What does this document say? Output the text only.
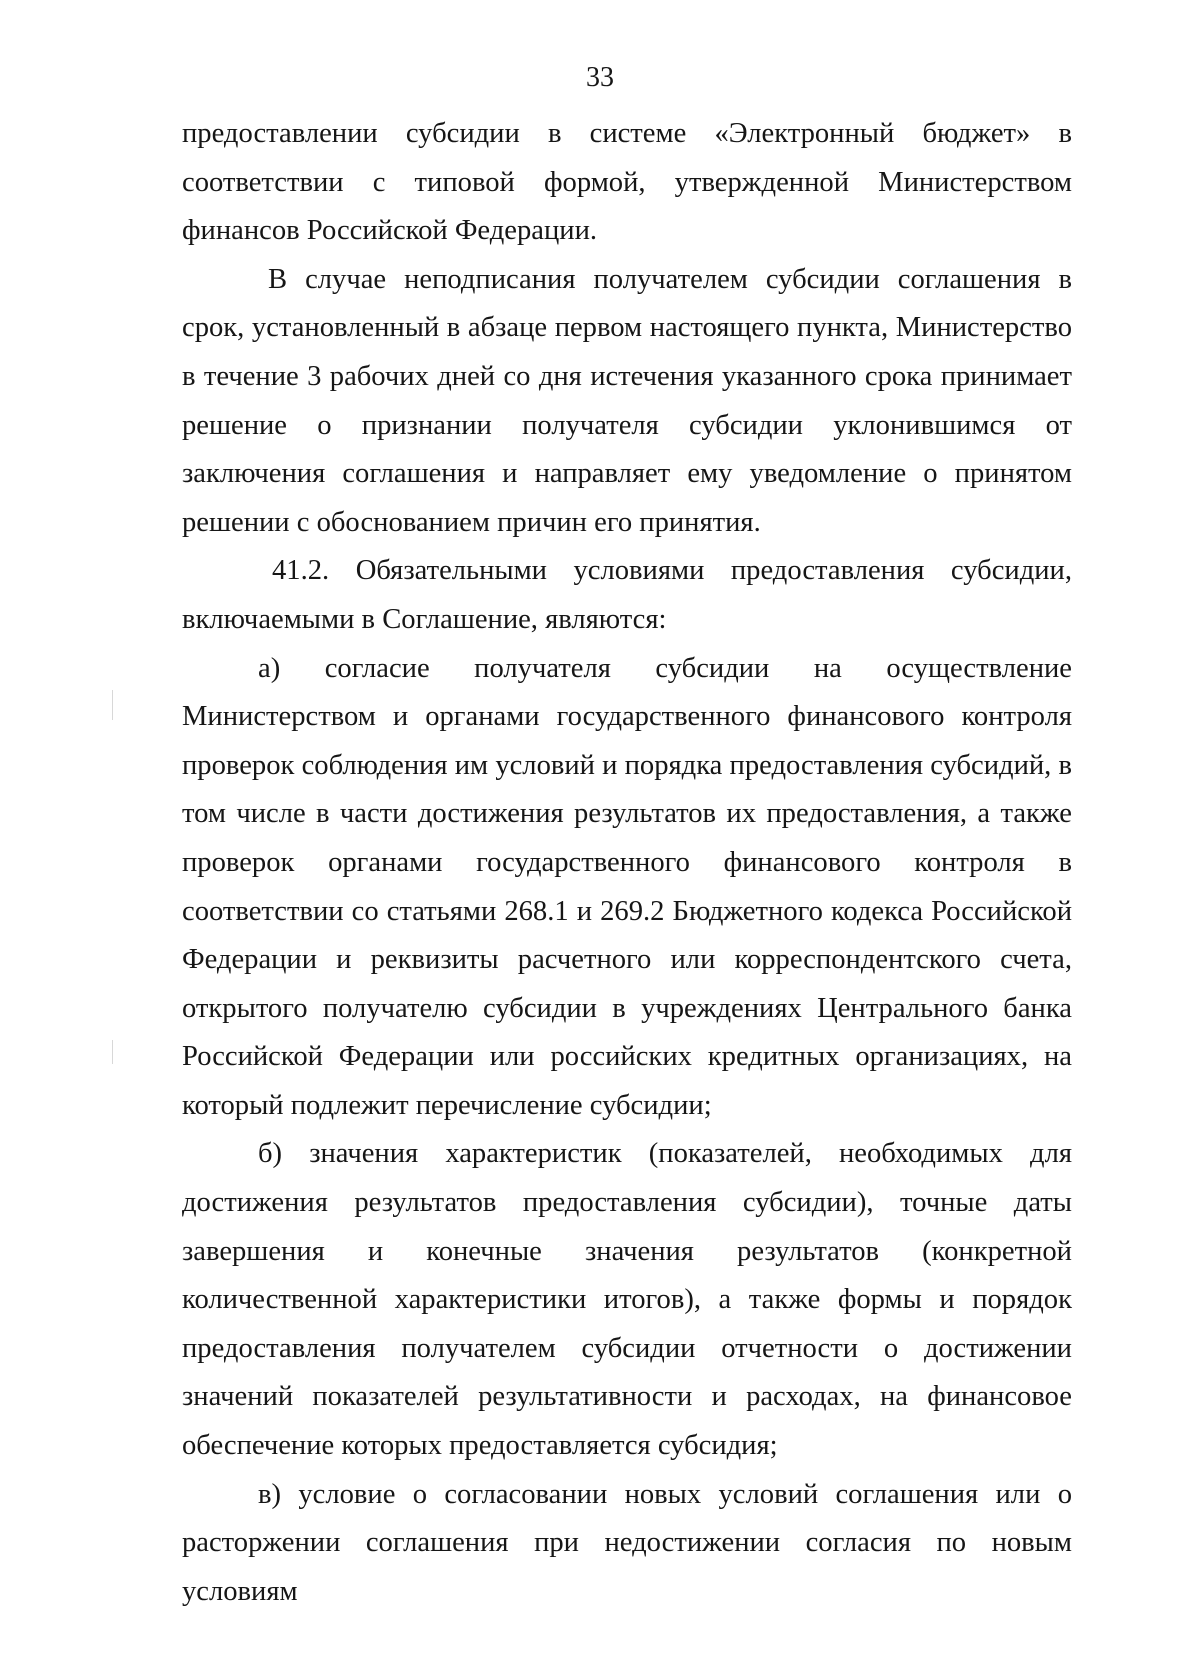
33

предоставлении субсидии в системе «Электронный бюджет» в соответствии с типовой формой, утвержденной Министерством финансов Российской Федерации.

В случае неподписания получателем субсидии соглашения в срок, установленный в абзаце первом настоящего пункта, Министерство в течение 3 рабочих дней со дня истечения указанного срока принимает решение о признании получателя субсидии уклонившимся от заключения соглашения и направляет ему уведомление о принятом решении с обоснованием причин его принятия.

41.2. Обязательными условиями предоставления субсидии, включаемыми в Соглашение, являются:

а) согласие получателя субсидии на осуществление Министерством и органами государственного финансового контроля проверок соблюдения им условий и порядка предоставления субсидий, в том числе в части достижения результатов их предоставления, а также проверок органами государственного финансового контроля в соответствии со статьями 268.1 и 269.2 Бюджетного кодекса Российской Федерации и реквизиты расчетного или корреспондентского счета, открытого получателю субсидии в учреждениях Центрального банка Российской Федерации или российских кредитных организациях, на который подлежит перечисление субсидии;

б) значения характеристик (показателей, необходимых для достижения результатов предоставления субсидии), точные даты завершения и конечные значения результатов (конкретной количественной характеристики итогов), а также формы и порядок предоставления получателем субсидии отчетности о достижении значений показателей результативности и расходах, на финансовое обеспечение которых предоставляется субсидия;

в) условие о согласовании новых условий соглашения или о расторжении соглашения при недостижении согласия по новым условиям
